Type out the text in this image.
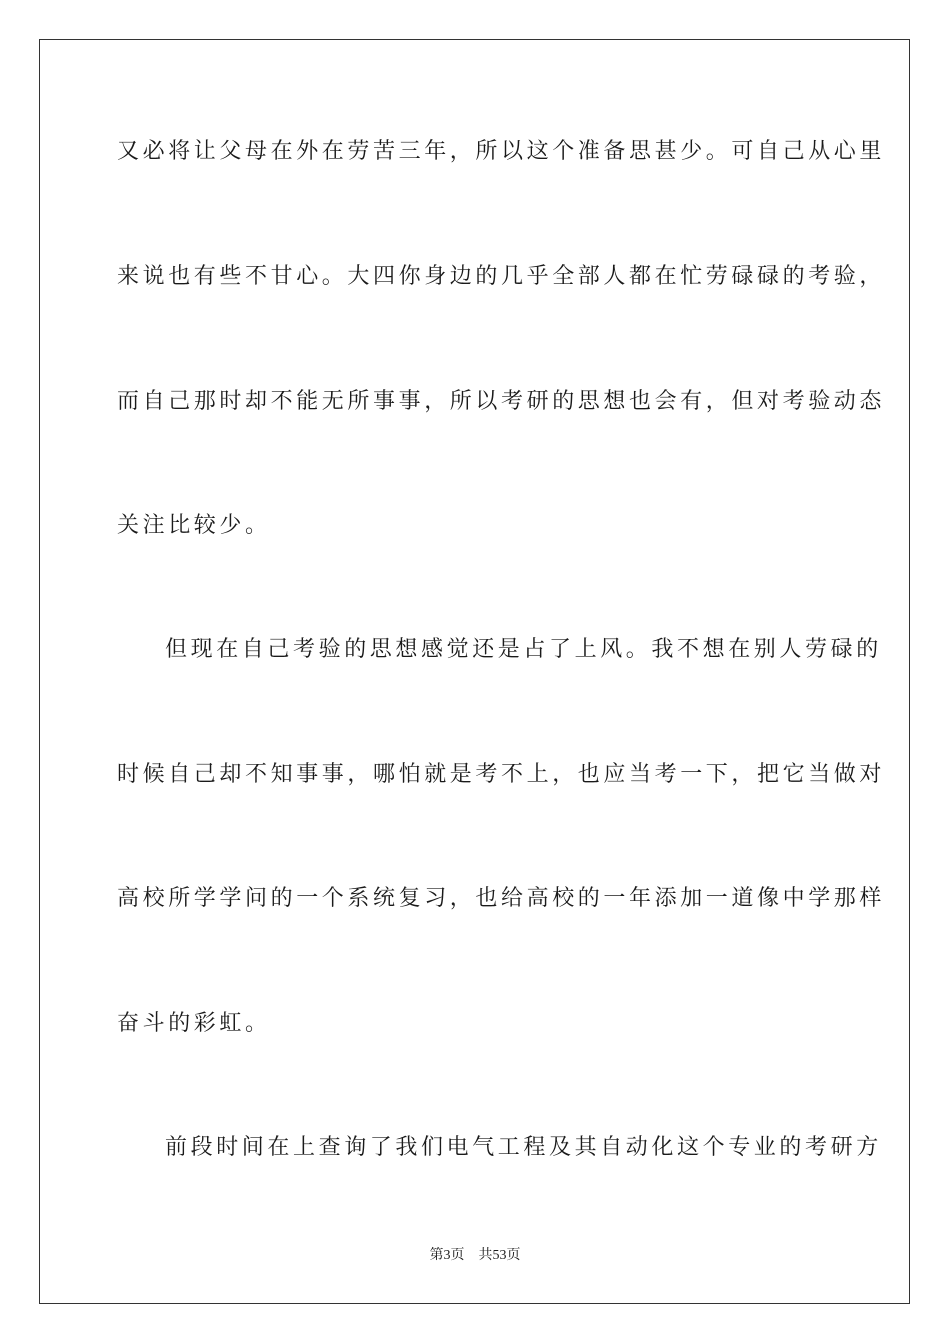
又必将让父母在外在劳苦三年，所以这个准备思甚少。可自己从心里
来说也有些不甘心。大四你身边的几乎全部人都在忙劳碌碌的考验，
而自己那时却不能无所事事，所以考研的思想也会有，但对考验动态
关注比较少。
但现在自己考验的思想感觉还是占了上风。我不想在别人劳碌的
时候自己却不知事事，哪怕就是考不上，也应当考一下，把它当做对
高校所学学问的一个系统复习，也给高校的一年添加一道像中学那样
奋斗的彩虹。
前段时间在上查询了我们电气工程及其自动化这个专业的考研方
第3页 共53页
